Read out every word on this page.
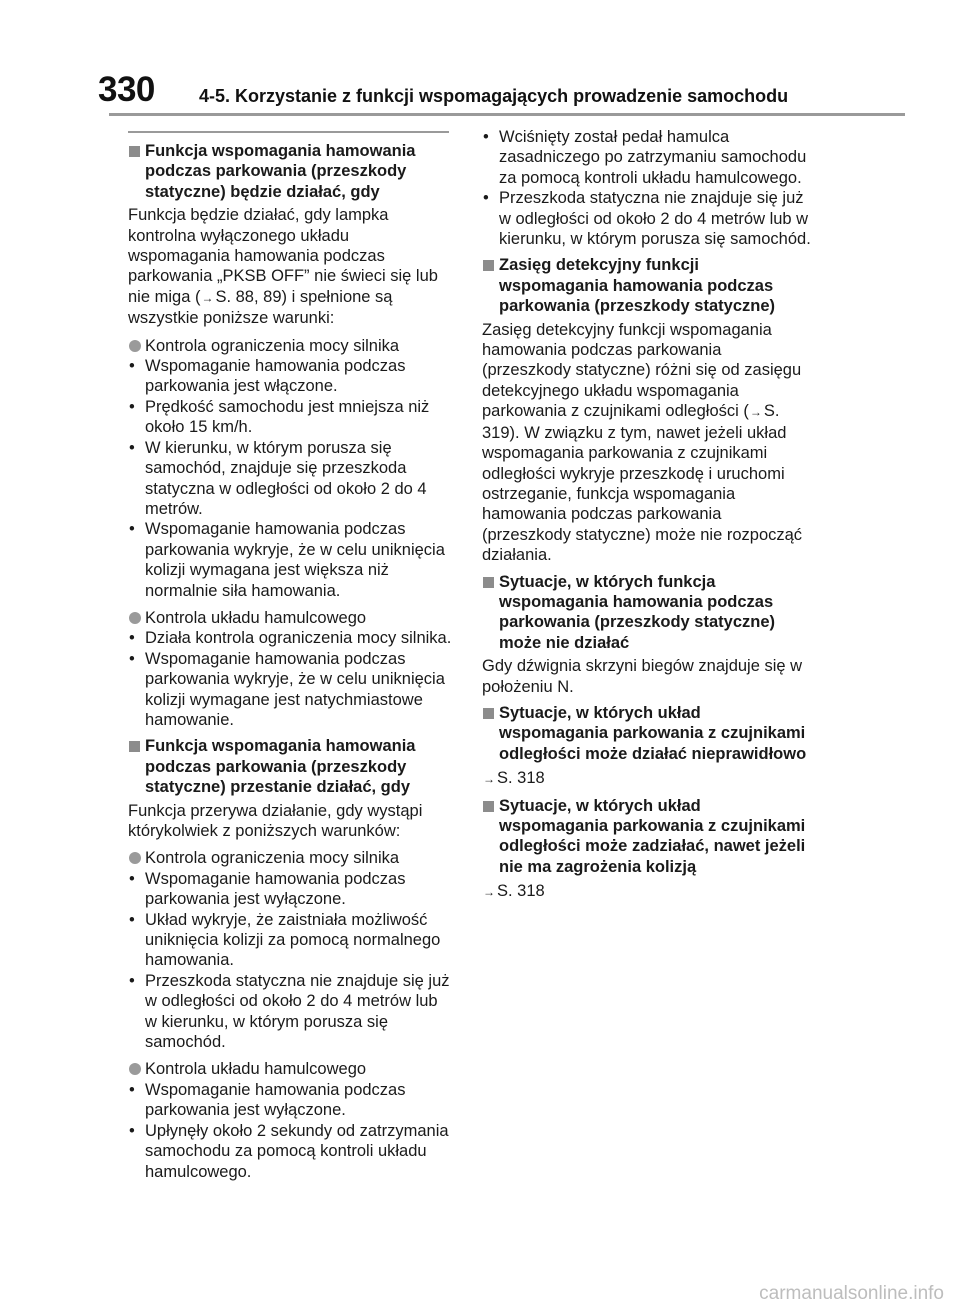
330 4-5. Korzystanie z funkcji wspomagających prowadzenie samochodu
Funkcja wspomagania hamowania podczas parkowania (przeszkody statyczne) będzie działać, gdy

Funkcja będzie działać, gdy lampka kontrolna wyłączonego układu wspomagania hamowania podczas parkowania „PKSB OFF” nie świeci się lub nie miga (→ S. 88, 89) i spełnione są wszystkie poniższe warunki:

Kontrola ograniczenia mocy silnika
• Wspomaganie hamowania podczas parkowania jest włączone.
• Prędkość samochodu jest mniejsza niż około 15 km/h.
• W kierunku, w którym porusza się samochód, znajduje się przeszkoda statyczna w odległości od około 2 do 4 metrów.
• Wspomaganie hamowania podczas parkowania wykryje, że w celu uniknięcia kolizji wymagana jest większa niż normalnie siła hamowania.
Kontrola układu hamulcowego
• Działa kontrola ograniczenia mocy silnika.
• Wspomaganie hamowania podczas parkowania wykryje, że w celu uniknięcia kolizji wymagane jest natychmiastowe hamowanie.
Funkcja wspomagania hamowania podczas parkowania (przeszkody statyczne) przestanie działać, gdy

Funkcja przerywa działanie, gdy wystąpi którykolwiek z poniższych warunków:

Kontrola ograniczenia mocy silnika
• Wspomaganie hamowania podczas parkowania jest wyłączone.
• Układ wykryje, że zaistniała możliwość uniknięcia kolizji za pomocą normalnego hamowania.
• Przeszkoda statyczna nie znajduje się już w odległości od około 2 do 4 metrów lub w kierunku, w którym porusza się samochód.
Kontrola układu hamulcowego
• Wspomaganie hamowania podczas parkowania jest wyłączone.
• Upłynęły około 2 sekundy od zatrzymania samochodu za pomocą kontroli układu hamulcowego.
• Wciśnięty został pedał hamulca zasadniczego po zatrzymaniu samochodu za pomocą kontroli układu hamulcowego.
• Przeszkoda statyczna nie znajduje się już w odległości od około 2 do 4 metrów lub w kierunku, w którym porusza się samochód.
Zasięg detekcyjny funkcji wspomagania hamowania podczas parkowania (przeszkody statyczne)

Zasięg detekcyjny funkcji wspomagania hamowania podczas parkowania (przeszkody statyczne) różni się od zasięgu detekcyjnego układu wspomagania parkowania z czujnikami odległości (→ S. 319). W związku z tym, nawet jeżeli układ wspomagania parkowania z czujnikami odległości wykryje przeszkodę i uruchomi ostrzeganie, funkcja wspomagania hamowania podczas parkowania (przeszkody statyczne) może nie rozpocząć działania.

Sytuacje, w których funkcja wspomagania hamowania podczas parkowania (przeszkody statyczne) może nie działać

Gdy dźwignia skrzyni biegów znajduje się w położeniu N.

Sytuacje, w których układ wspomagania parkowania z czujnikami odległości może działać nieprawidłowo
→ S. 318
Sytuacje, w których układ wspomagania parkowania z czujnikami odległości może zadziałać, nawet jeżeli nie ma zagrożenia kolizją
→ S. 318
carmanualsonline.info
